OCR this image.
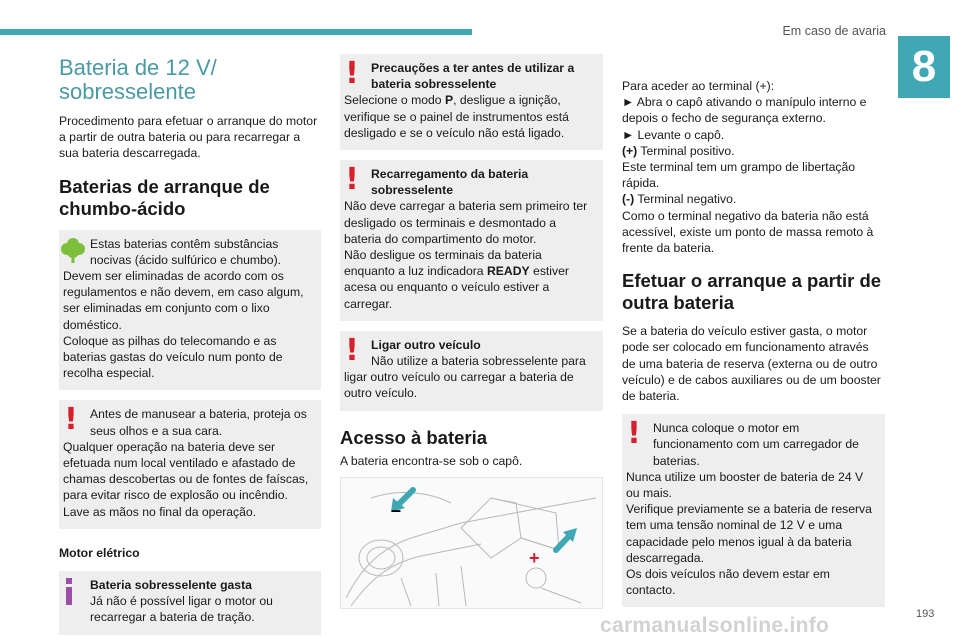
Em caso de avaria
8
Bateria de 12 V/ sobresselente
Procedimento para efetuar o arranque do motor a partir de outra bateria ou para recarregar a sua bateria descarregada.
Baterias de arranque de chumbo-ácido
Estas baterias contêm substâncias nocivas (ácido sulfúrico e chumbo).
Devem ser eliminadas de acordo com os regulamentos e não devem, em caso algum, ser eliminadas em conjunto com o lixo doméstico.
Coloque as pilhas do telecomando e as baterias gastas do veículo num ponto de recolha especial.
! Antes de manusear a bateria, proteja os seus olhos e a sua cara.
Qualquer operação na bateria deve ser efetuada num local ventilado e afastado de chamas descobertas ou de fontes de faíscas, para evitar risco de explosão ou incêndio.
Lave as mãos no final da operação.
Motor elétrico
Bateria sobresselente gasta
Já não é possível ligar o motor ou recarregar a bateria de tração.
! Precauções a ter antes de utilizar a bateria sobresselente
Selecione o modo P, desligue a ignição, verifique se o painel de instrumentos está desligado e se o veículo não está ligado.
! Recarregamento da bateria sobresselente
Não deve carregar a bateria sem primeiro ter desligado os terminais e desmontado a bateria do compartimento do motor.
Não desligue os terminais da bateria enquanto a luz indicadora READY estiver acesa ou enquanto o veículo estiver a carregar.
! Ligar outro veículo
Não utilize a bateria sobresselente para ligar outro veículo ou carregar a bateria de outro veículo.
Acesso à bateria
A bateria encontra-se sob o capô.
–
+
Para aceder ao terminal (+):
► Abra o capô ativando o manípulo interno e depois o fecho de segurança externo.
► Levante o capô.
(+) Terminal positivo.
Este terminal tem um grampo de libertação rápida.
(-) Terminal negativo.
Como o terminal negativo da bateria não está acessível, existe um ponto de massa remoto à frente da bateria.
Efetuar o arranque a partir de outra bateria
Se a bateria do veículo estiver gasta, o motor pode ser colocado em funcionamento através de uma bateria de reserva (externa ou de outro veículo) e de cabos auxiliares ou de um booster de bateria.
! Nunca coloque o motor em funcionamento com um carregador de baterias.
Nunca utilize um booster de bateria de 24 V ou mais.
Verifique previamente se a bateria de reserva tem uma tensão nominal de 12 V e uma capacidade pelo menos igual à da bateria descarregada.
Os dois veículos não devem estar em contacto.
193
carmanualsonline.info
